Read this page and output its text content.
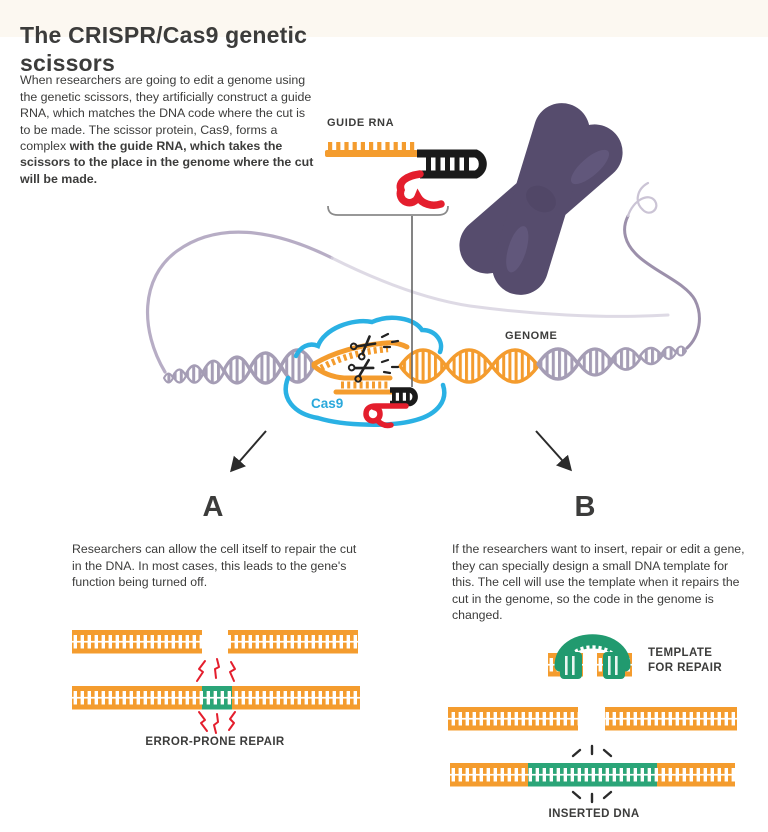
The CRISPR/Cas9 genetic scissors

When researchers are going to edit a genome using the genetic scissors, they artificially construct a guide RNA, which matches the DNA code where the cut is to be made. The scissor protein, Cas9, forms a complex with the guide RNA, which takes the scissors to the place in the genome where the cut will be made.

GUIDE RNA
GENOME
Cas9
A	B

Researchers can allow the cell itself to repair the cut in the DNA. In most cases, this leads to the gene's function being turned off.

If the researchers want to insert, repair or edit a gene, they can specially design a small DNA template for this. The cell will use the template when it repairs the cut in the genome, so the code in the genome is changed.

ERROR-PRONE REPAIR
TEMPLATE FOR REPAIR
INSERTED DNA
